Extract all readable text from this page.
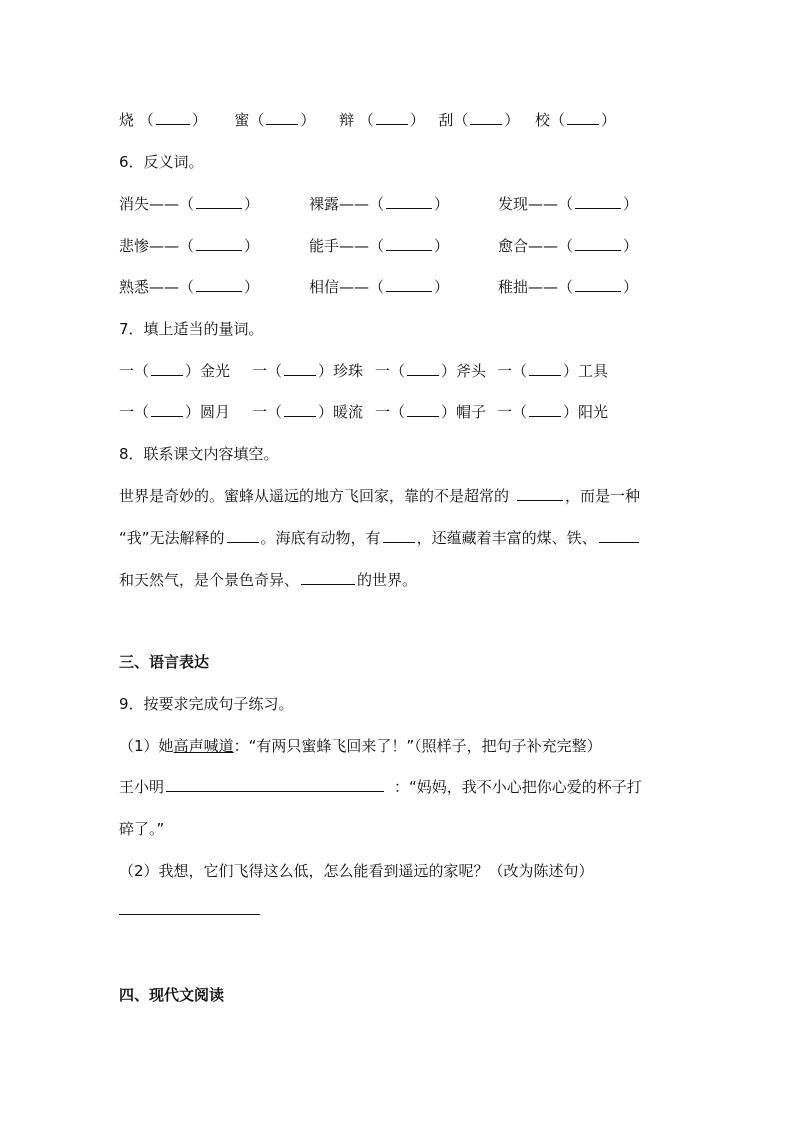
烧 （	） 蜜（ ） 辩 （ ） 刮（ ） 校（ ）
6．反义词。
消失——（	）	裸露——（	）	发现——（	）
悲惨——（	）	能手——（	）	愈合——（	）
熟悉——（	）	相信——（	）	稚拙——（	）
7．填上适当的量词。
一（ ）金光 一（ ）珍珠 一（ ）斧头 一（ ）工具
一（ ）圆月 一（ ）暖流 一（ ）帽子 一（ ）阳光
8．联系课文内容填空。
世界是奇妙的。蜜蜂从遥远的地方飞回家，靠的不是超常的	，而是一种
“我”无法解释的 。海底有动物，有 ，还蕴藏着丰富的煤、铁、
和天然气，是个景色奇异、	的世界。
三、语言表达
9．按要求完成句子练习。
（1）她高声喊道：“有两只蜜蜂飞回来了！”（照样子，把句子补充完整）
王小明	：“妈妈，我不小心把你心爱的杯子打
碎了。”
（2）我想，它们飞得这么低，怎么能看到遥远的家呢？（改为陈述句）
四、现代文阅读
